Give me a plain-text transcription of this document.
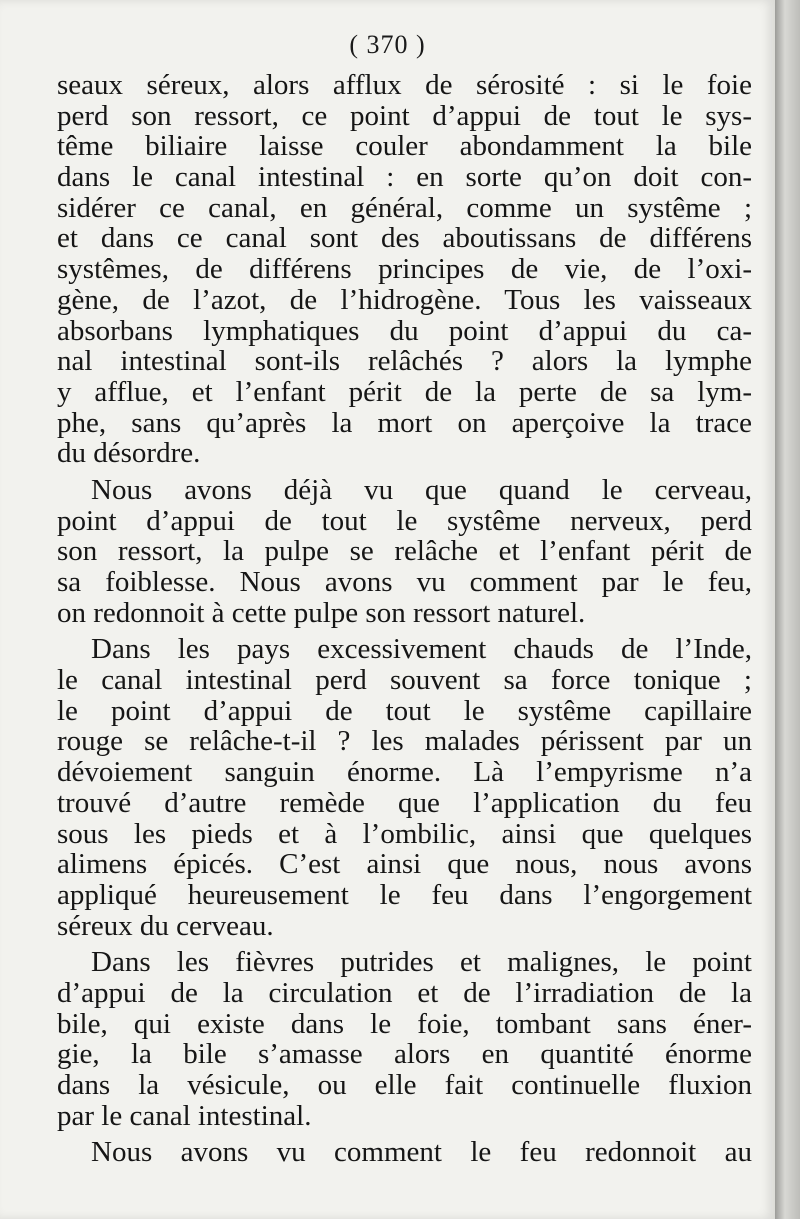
( 370 )
seaux séreux, alors afflux de sérosité : si le foie
perd son ressort, ce point d’appui de tout le sys-
tême biliaire laisse couler abondamment la bile
dans le canal intestinal : en sorte qu’on doit con-
sidérer ce canal, en général, comme un systême ;
et dans ce canal sont des aboutissans de différens
systêmes, de différens principes de vie, de l’oxi-
gène, de l’azot, de l’hidrogène. Tous les vaisseaux
absorbans lymphatiques du point d’appui du ca-
nal intestinal sont-ils relâchés ? alors la lymphe
y afflue, et l’enfant périt de la perte de sa lym-
phe, sans qu’après la mort on aperçoive la trace
du désordre.
Nous avons déjà vu que quand le cerveau,
point d’appui de tout le systême nerveux, perd
son ressort, la pulpe se relâche et l’enfant périt de
sa foiblesse. Nous avons vu comment par le feu,
on redonnoit à cette pulpe son ressort naturel.
Dans les pays excessivement chauds de l’Inde,
le canal intestinal perd souvent sa force tonique ;
le point d’appui de tout le systême capillaire
rouge se relâche-t-il ? les malades périssent par un
dévoiement sanguin énorme. Là l’empyrisme n’a
trouvé d’autre remède que l’application du feu
sous les pieds et à l’ombilic, ainsi que quelques
alimens épicés. C’est ainsi que nous, nous avons
appliqué heureusement le feu dans l’engorgement
séreux du cerveau.
Dans les fièvres putrides et malignes, le point
d’appui de la circulation et de l’irradiation de la
bile, qui existe dans le foie, tombant sans éner-
gie, la bile s’amasse alors en quantité énorme
dans la vésicule, ou elle fait continuelle fluxion
par le canal intestinal.
Nous avons vu comment le feu redonnoit au
